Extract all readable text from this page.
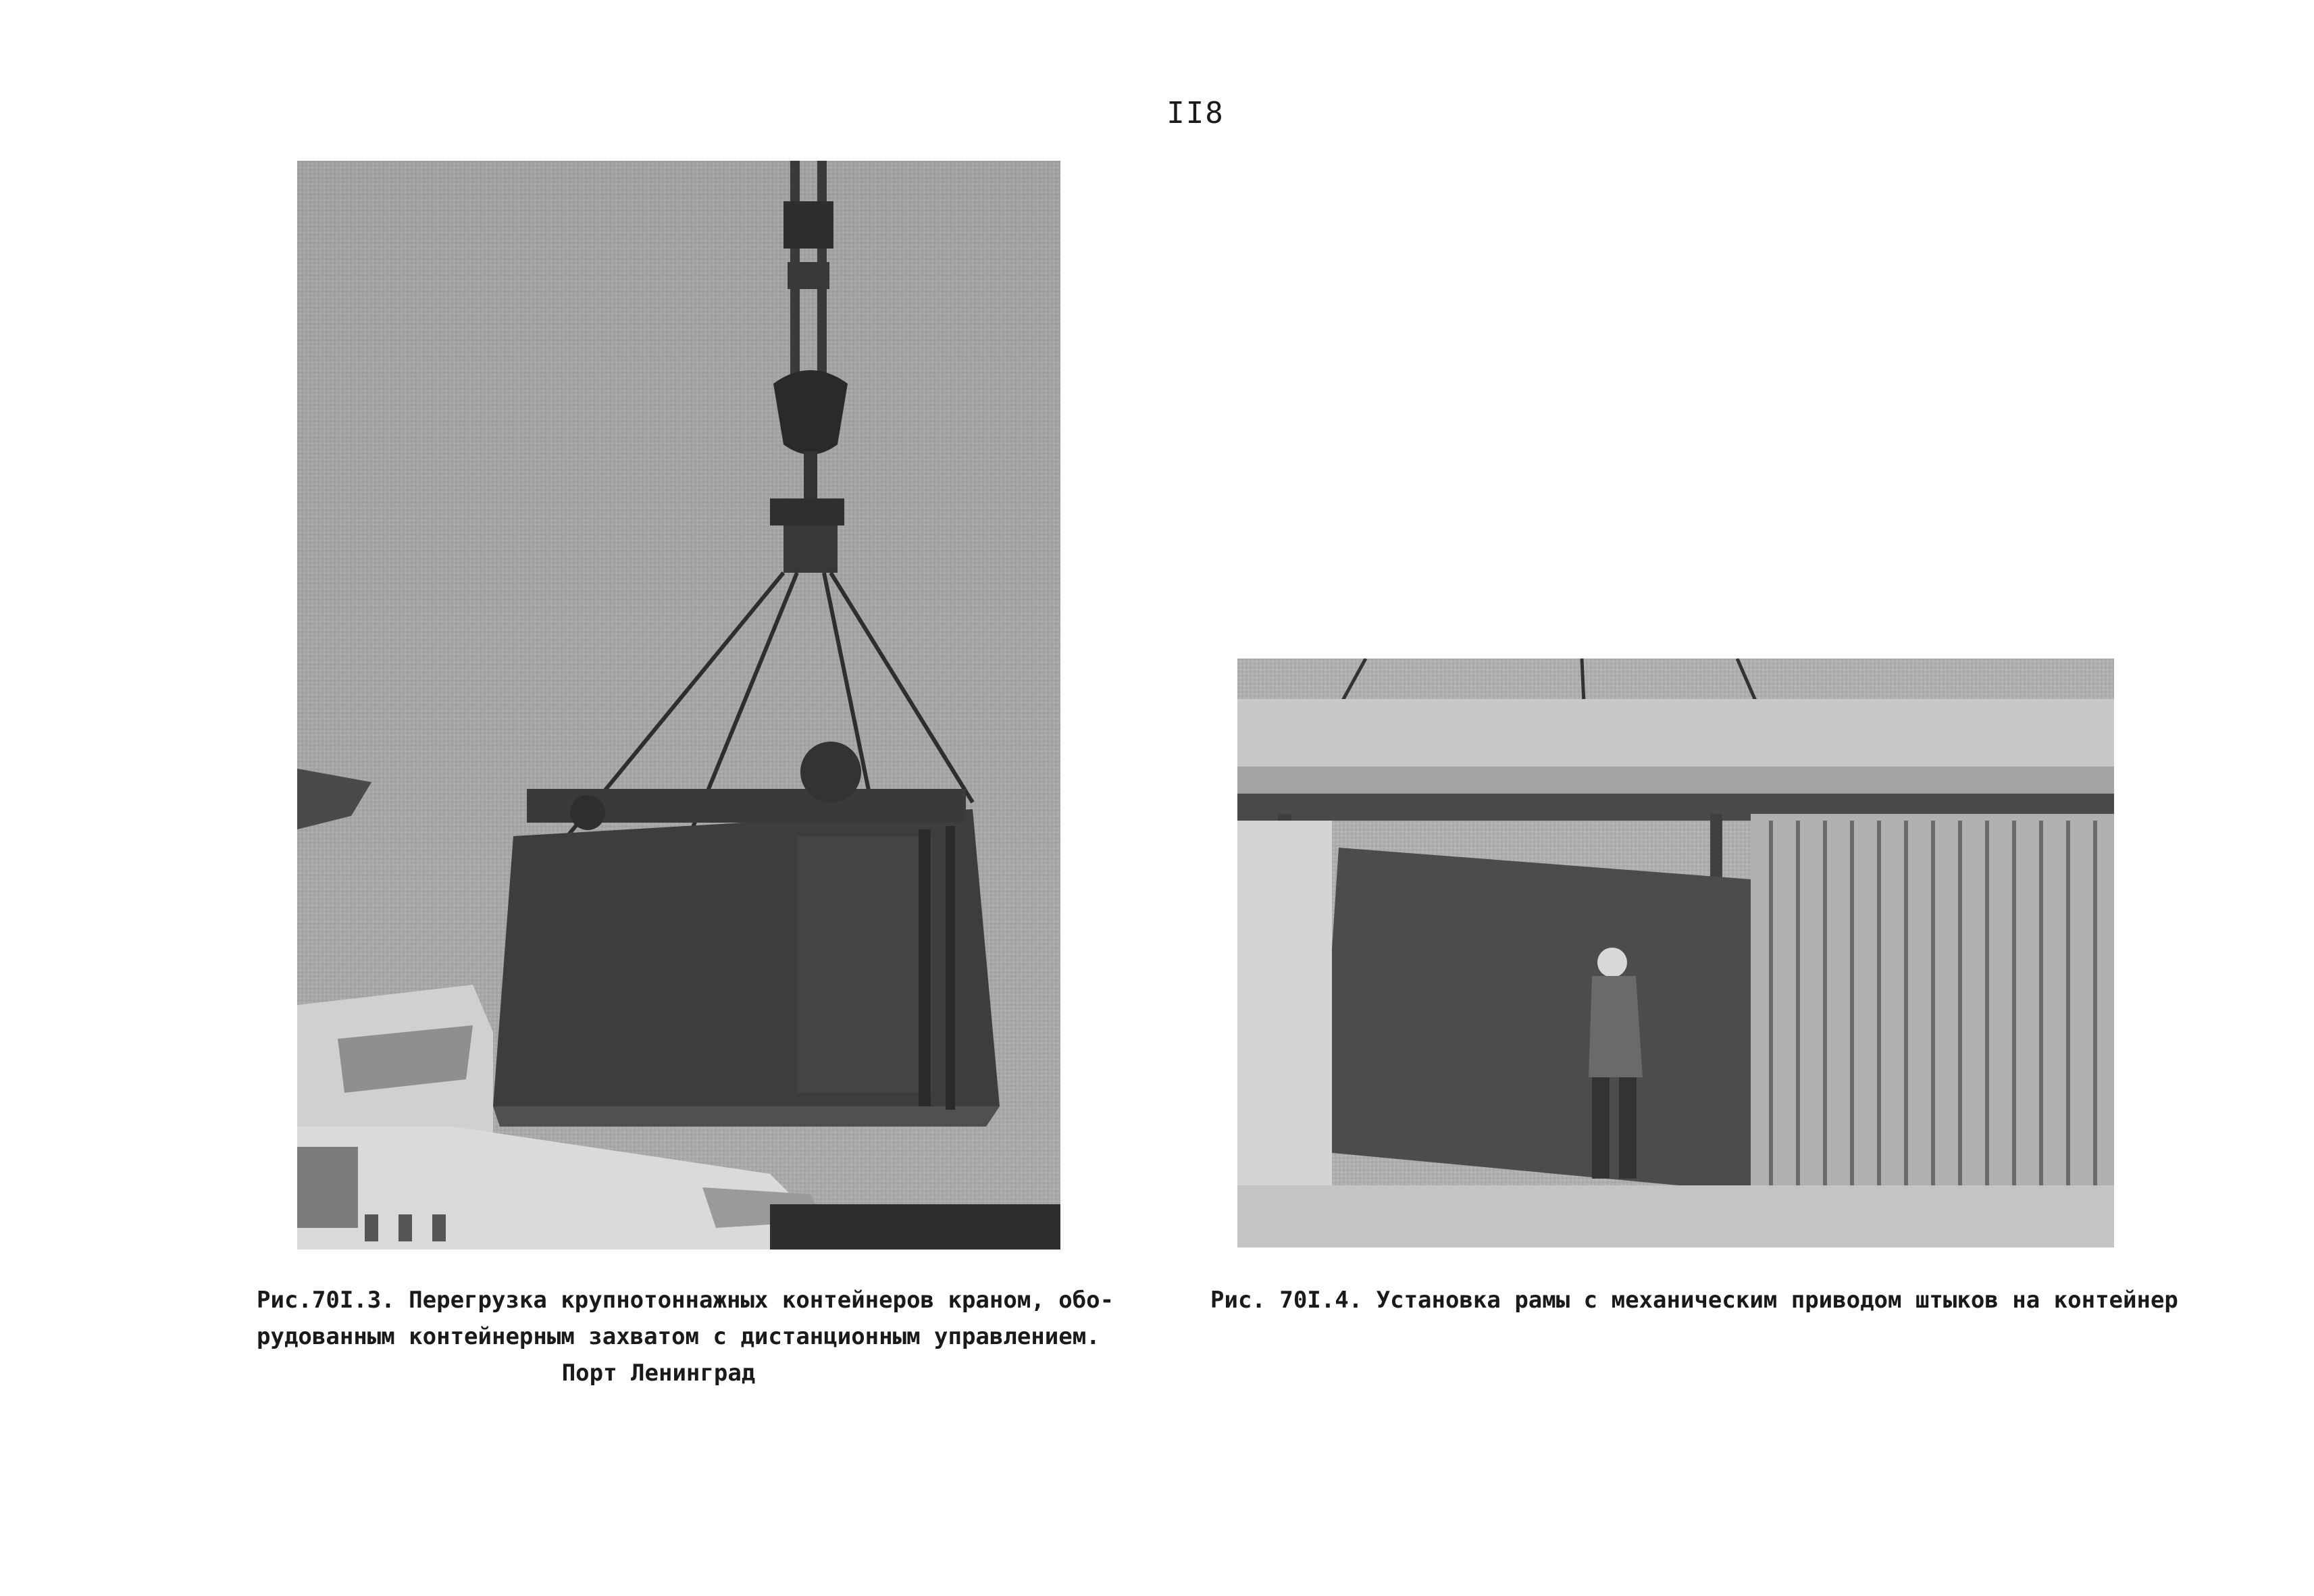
II8
Рис.70I.3. Перегрузка крупнотоннажных контейнеров краном, обо-
рудованным контейнерным захватом с дистанционным управлением.
Порт Ленинград
Рис. 70I.4. Установка рамы с механическим приводом штыков на контейнер
